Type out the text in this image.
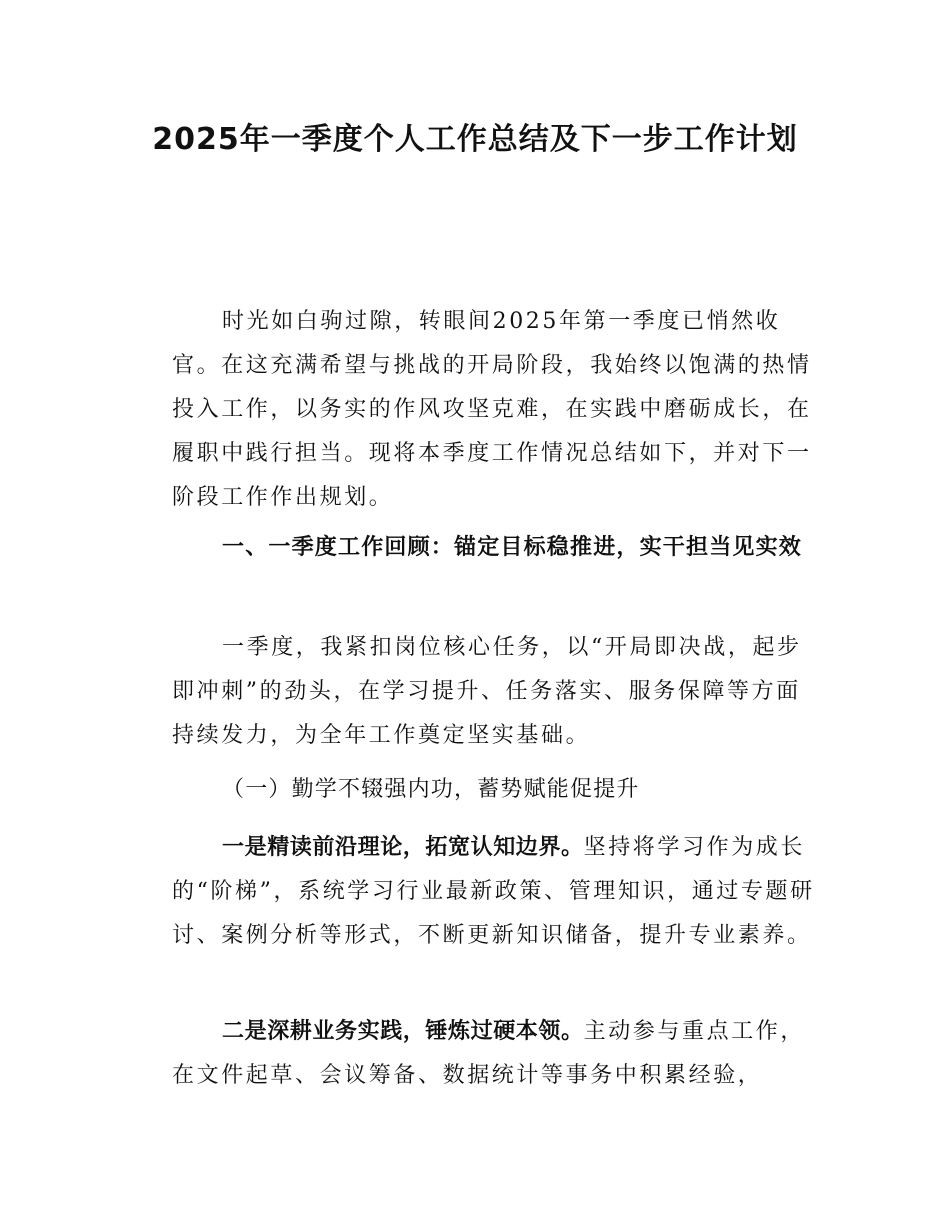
2025年一季度个人工作总结及下一步工作计划

时光如白驹过隙，转眼间2025年第一季度已悄然收官。在这充满希望与挑战的开局阶段，我始终以饱满的热情投入工作，以务实的作风攻坚克难，在实践中磨砺成长，在履职中践行担当。现将本季度工作情况总结如下，并对下一阶段工作作出规划。

一、一季度工作回顾：锚定目标稳推进，实干担当见实效

一季度，我紧扣岗位核心任务，以“开局即决战，起步即冲刺”的劲头，在学习提升、任务落实、服务保障等方面持续发力，为全年工作奠定坚实基础。

（一）勤学不辍强内功，蓄势赋能促提升

一是精读前沿理论，拓宽认知边界。坚持将学习作为成长的“阶梯”，系统学习行业最新政策、管理知识，通过专题研讨、案例分析等形式，不断更新知识储备，提升专业素养。

二是深耕业务实践，锤炼过硬本领。主动参与重点工作，在文件起草、会议筹备、数据统计等事务中积累经验，
